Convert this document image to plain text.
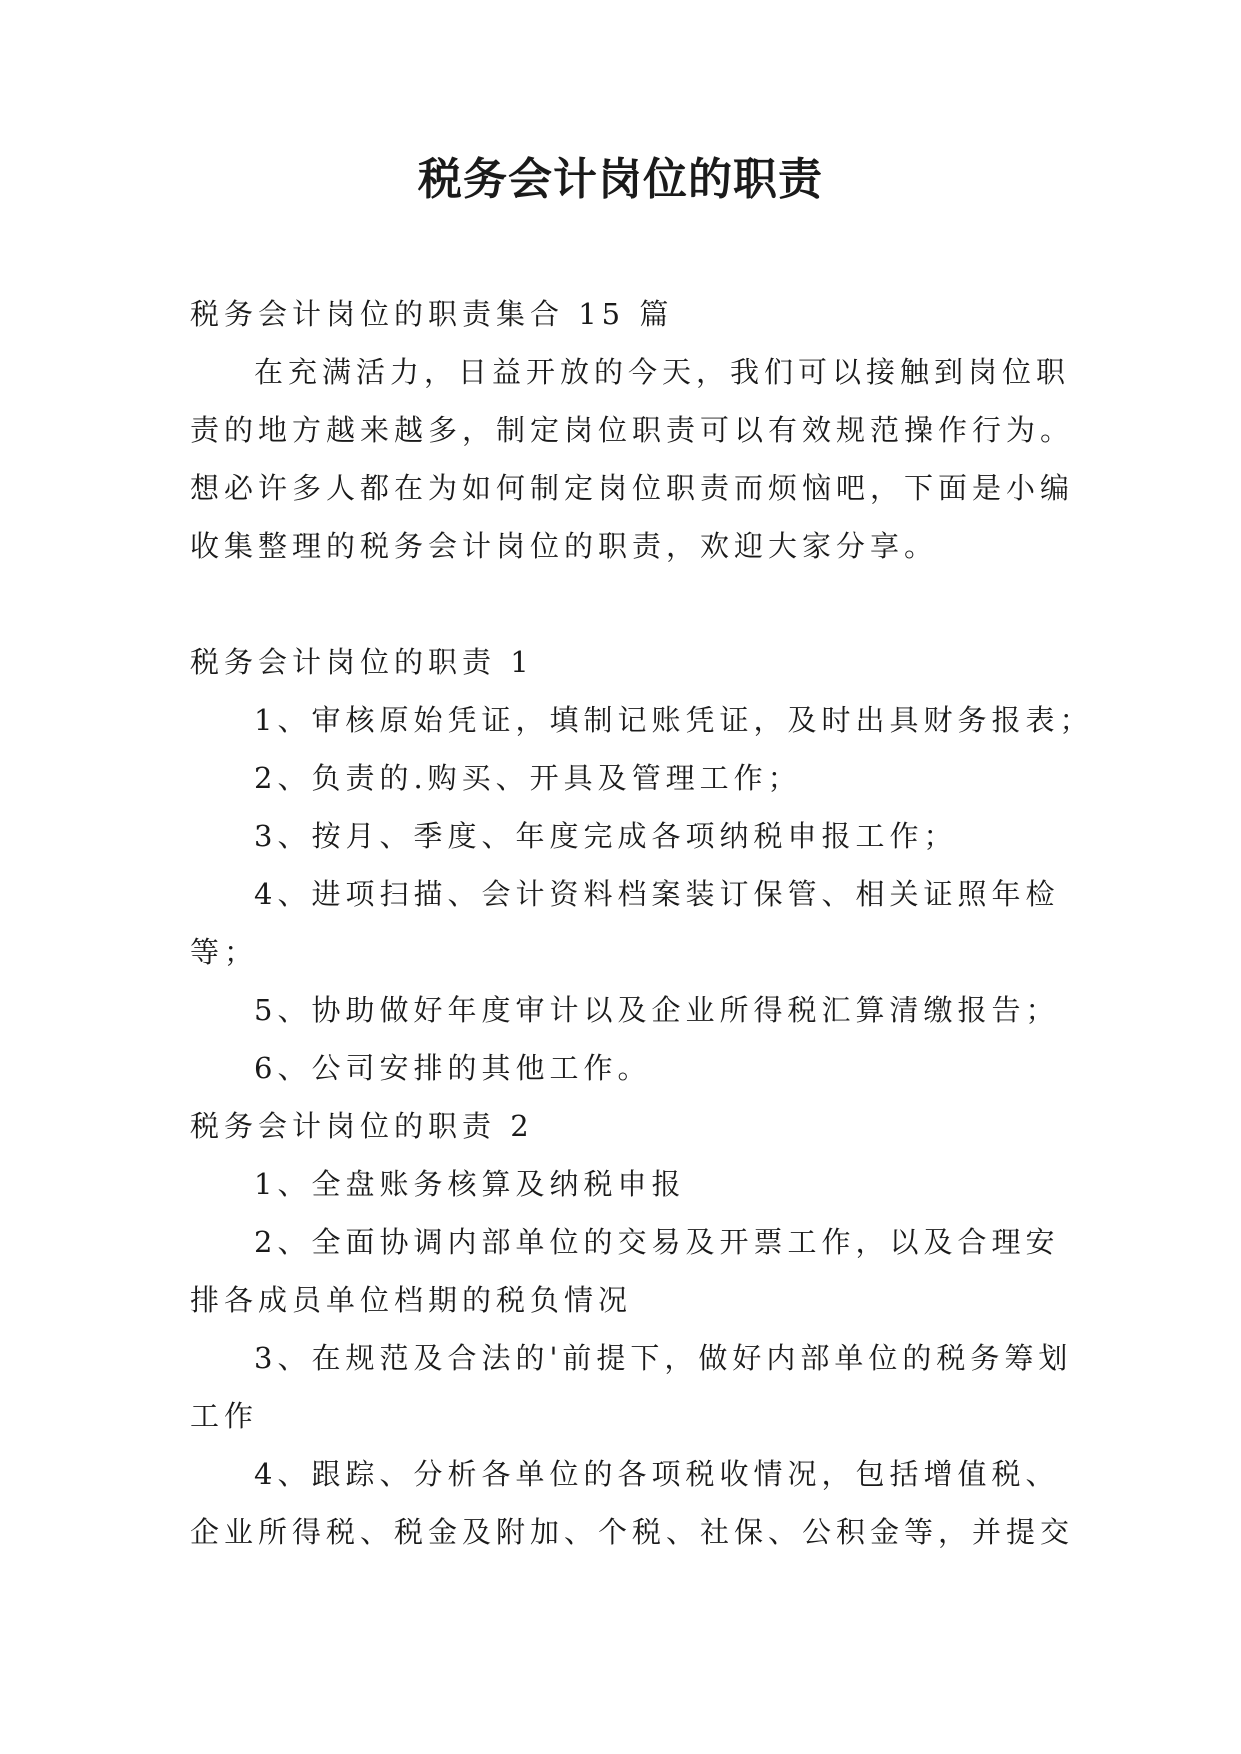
税务会计岗位的职责
税务会计岗位的职责集合 15 篇
在充满活力，日益开放的今天，我们可以接触到岗位职
责的地方越来越多，制定岗位职责可以有效规范操作行为。
想必许多人都在为如何制定岗位职责而烦恼吧，下面是小编
收集整理的税务会计岗位的职责，欢迎大家分享。
税务会计岗位的职责 1
1、审核原始凭证，填制记账凭证，及时出具财务报表；
2、负责的.购买、开具及管理工作；
3、按月、季度、年度完成各项纳税申报工作；
4、进项扫描、会计资料档案装订保管、相关证照年检
等；
5、协助做好年度审计以及企业所得税汇算清缴报告；
6、公司安排的其他工作。
税务会计岗位的职责 2
1、全盘账务核算及纳税申报
2、全面协调内部单位的交易及开票工作，以及合理安
排各成员单位档期的税负情况
3、在规范及合法的'前提下，做好内部单位的税务筹划
工作
4、跟踪、分析各单位的各项税收情况，包括增值税、
企业所得税、税金及附加、个税、社保、公积金等，并提交
